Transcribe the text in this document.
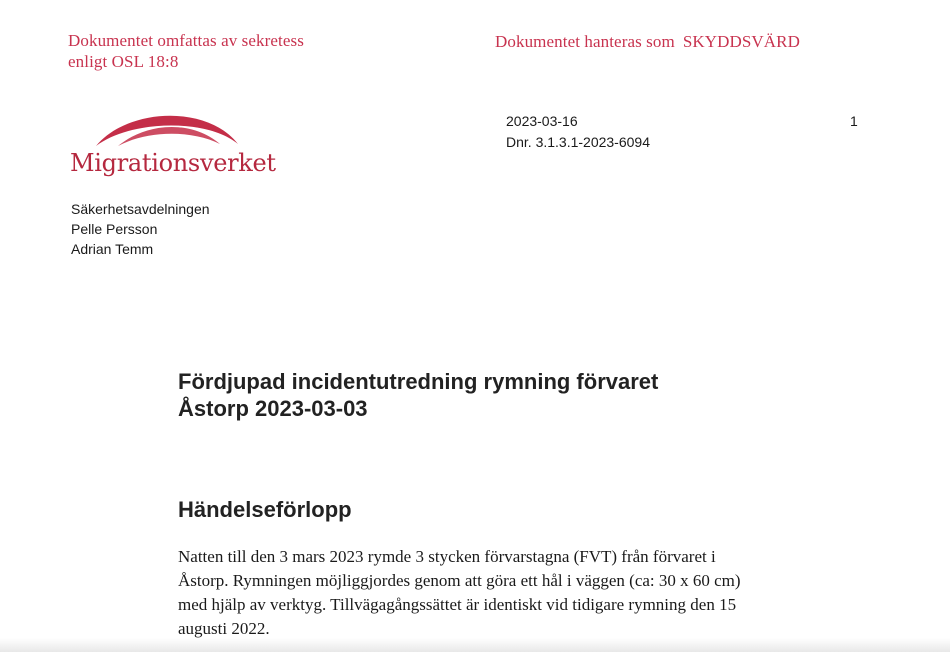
Dokumentet omfattas av sekretess
enligt OSL 18:8
Dokumentet hanteras som SKYDDSVÄRD
Migrationsverket
2023-03-16
Dnr. 3.1.3.1-2023-6094
1
Säkerhetsavdelningen
Pelle Persson
Adrian Temm
Fördjupad incidentutredning rymning förvaret
Åstorp 2023-03-03
Händelseförlopp
Natten till den 3 mars 2023 rymde 3 stycken förvarstagna (FVT) från förvaret i
Åstorp. Rymningen möjliggjordes genom att göra ett hål i väggen (ca: 30 x 60 cm)
med hjälp av verktyg. Tillvägagångssättet är identiskt vid tidigare rymning den 15
augusti 2022.
